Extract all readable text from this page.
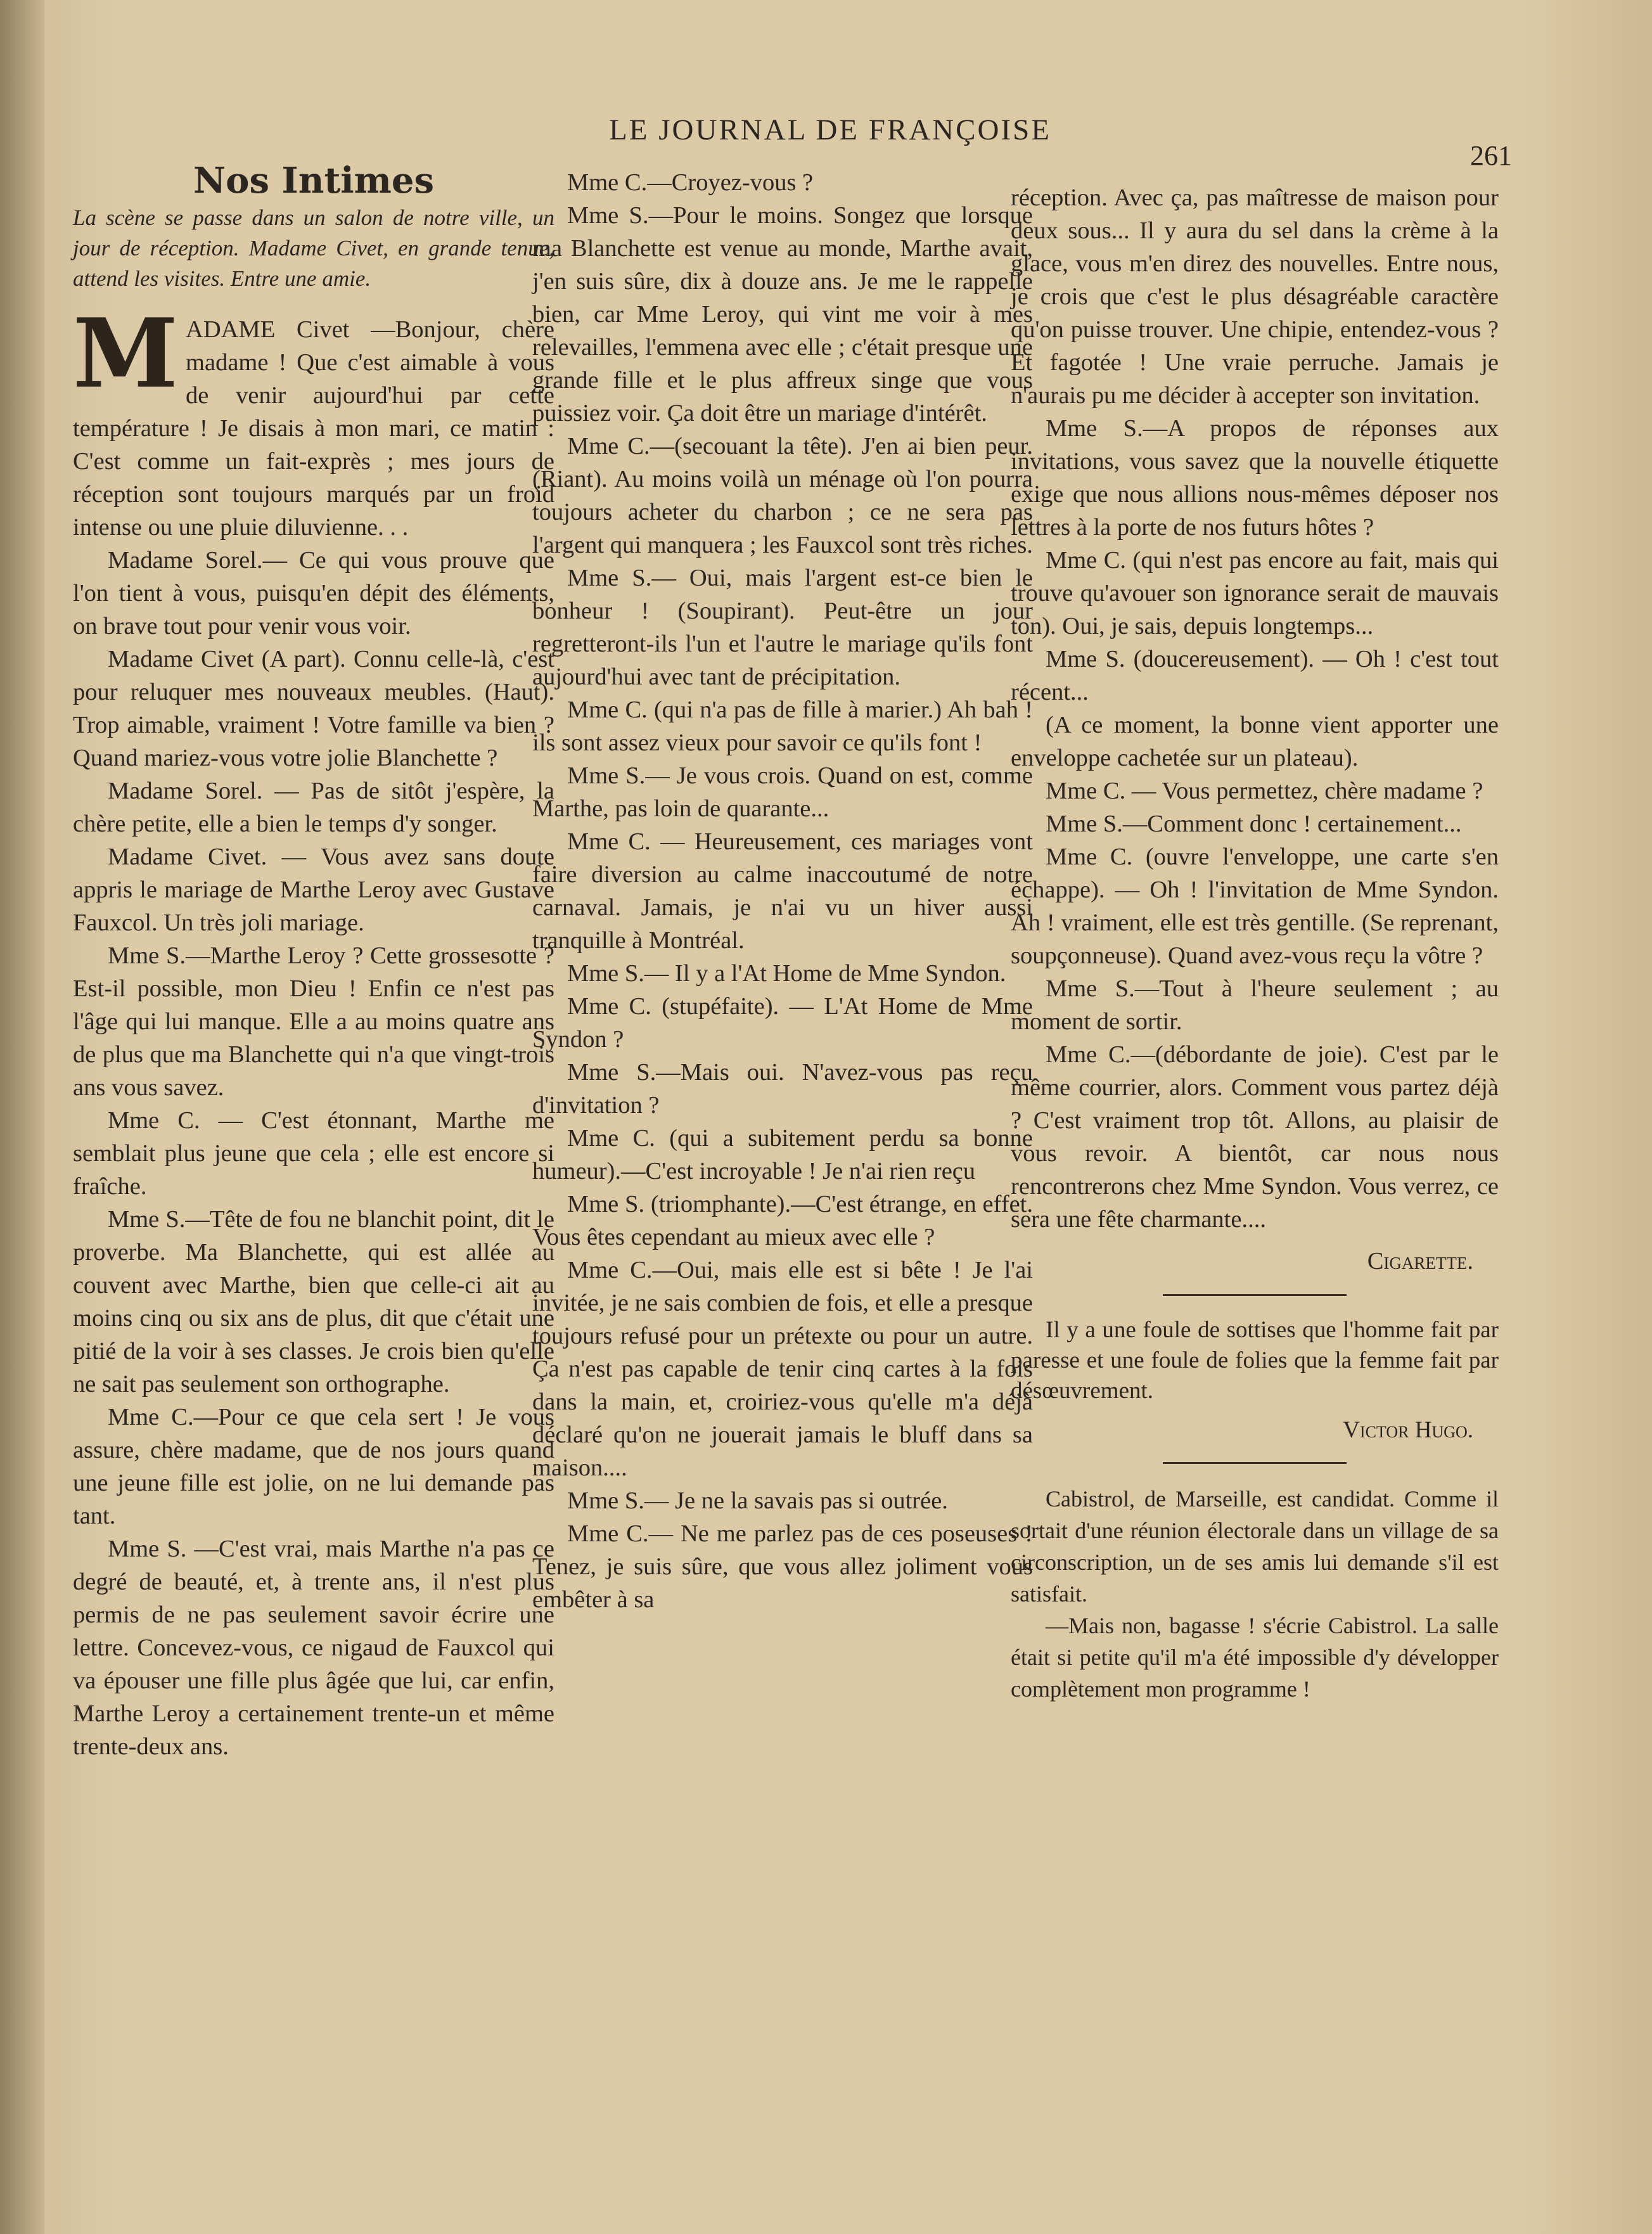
LE JOURNAL DE FRANÇOISE
261

Nos Intimes

La scène se passe dans un salon de notre ville, un jour de réception. Madame Civet, en grande tenue, attend les visites. Entre une amie.

MADAME Civet —Bonjour, chère madame ! Que c'est aimable à vous de venir aujourd'hui par cette température ! Je disais à mon mari, ce matin : C'est comme un fait-exprès ; mes jours de réception sont toujours marqués par un froid intense ou une pluie diluvienne. . .

Madame Sorel.— Ce qui vous prouve que l'on tient à vous, puisqu'en dépit des éléments, on brave tout pour venir vous voir.

Madame Civet (A part). Connu celle-là, c'est pour reluquer mes nouveaux meubles. (Haut). Trop aimable, vraiment ! Votre famille va bien ? Quand mariez-vous votre jolie Blanchette ?

Madame Sorel. — Pas de sitôt j'espère, la chère petite, elle a bien le temps d'y songer.

Madame Civet. — Vous avez sans doute appris le mariage de Marthe Leroy avec Gustave Fauxcol. Un très joli mariage.

Mme S.—Marthe Leroy ? Cette grossesotte ? Est-il possible, mon Dieu ! Enfin ce n'est pas l'âge qui lui manque. Elle a au moins quatre ans de plus que ma Blanchette qui n'a que vingt-trois ans vous savez.

Mme C. — C'est étonnant, Marthe me semblait plus jeune que cela ; elle est encore si fraîche.

Mme S.—Tête de fou ne blanchit point, dit le proverbe. Ma Blanchette, qui est allée au couvent avec Marthe, bien que celle-ci ait au moins cinq ou six ans de plus, dit que c'était une pitié de la voir à ses classes. Je crois bien qu'elle ne sait pas seulement son orthographe.

Mme C.—Pour ce que cela sert ! Je vous assure, chère madame, que de nos jours quand une jeune fille est jolie, on ne lui demande pas tant.

Mme S. —C'est vrai, mais Marthe n'a pas ce degré de beauté, et, à trente ans, il n'est plus permis de ne pas seulement savoir écrire une lettre. Concevez-vous, ce nigaud de Fauxcol qui va épouser une fille plus âgée que lui, car enfin, Marthe Leroy a certainement trente-un et même trente-deux ans.

Mme C.—Croyez-vous ?

Mme S.—Pour le moins. Songez que lorsque ma Blanchette est venue au monde, Marthe avait, j'en suis sûre, dix à douze ans. Je me le rappelle bien, car Mme Leroy, qui vint me voir à mes relevailles, l'emmena avec elle ; c'était presque une grande fille et le plus affreux singe que vous puissiez voir. Ça doit être un mariage d'intérêt.

Mme C.—(secouant la tête). J'en ai bien peur. (Riant). Au moins voilà un ménage où l'on pourra toujours acheter du charbon ; ce ne sera pas l'argent qui manquera ; les Fauxcol sont très riches.

Mme S.— Oui, mais l'argent est-ce bien le bonheur ! (Soupirant). Peut-être un jour regretteront-ils l'un et l'autre le mariage qu'ils font aujourd'hui avec tant de précipitation.

Mme C. (qui n'a pas de fille à marier.) Ah bah ! ils sont assez vieux pour savoir ce qu'ils font !

Mme S.— Je vous crois. Quand on est, comme Marthe, pas loin de quarante...

Mme C. — Heureusement, ces mariages vont faire diversion au calme inaccoutumé de notre carnaval. Jamais, je n'ai vu un hiver aussi tranquille à Montréal.

Mme S.— Il y a l'At Home de Mme Syndon.

Mme C. (stupéfaite). — L'At Home de Mme Syndon ?

Mme S.—Mais oui. N'avez-vous pas reçu d'invitation ?

Mme C. (qui a subitement perdu sa bonne humeur).—C'est incroyable ! Je n'ai rien reçu

Mme S. (triomphante).—C'est étrange, en effet. Vous êtes cependant au mieux avec elle ?

Mme C.—Oui, mais elle est si bête ! Je l'ai invitée, je ne sais combien de fois, et elle a presque toujours refusé pour un prétexte ou pour un autre. Ça n'est pas capable de tenir cinq cartes à la fois dans la main, et, croiriez-vous qu'elle m'a déjà déclaré qu'on ne jouerait jamais le bluff dans sa maison....

Mme S.— Je ne la savais pas si outrée.

Mme C.— Ne me parlez pas de ces poseuses ! Tenez, je suis sûre, que vous allez joliment vous embêter à sa

réception. Avec ça, pas maîtresse de maison pour deux sous... Il y aura du sel dans la crème à la glace, vous m'en direz des nouvelles. Entre nous, je crois que c'est le plus désagréable caractère qu'on puisse trouver. Une chipie, entendez-vous ? Et fagotée ! Une vraie perruche. Jamais je n'aurais pu me décider à accepter son invitation.

Mme S.—A propos de réponses aux invitations, vous savez que la nouvelle étiquette exige que nous allions nous-mêmes déposer nos lettres à la porte de nos futurs hôtes ?

Mme C. (qui n'est pas encore au fait, mais qui trouve qu'avouer son ignorance serait de mauvais ton). Oui, je sais, depuis longtemps...

Mme S. (doucereusement). — Oh ! c'est tout récent...

(A ce moment, la bonne vient apporter une enveloppe cachetée sur un plateau).

Mme C. — Vous permettez, chère madame ?

Mme S.—Comment donc ! certainement...

Mme C. (ouvre l'enveloppe, une carte s'en échappe). — Oh ! l'invitation de Mme Syndon. Ah ! vraiment, elle est très gentille. (Se reprenant, soupçonneuse). Quand avez-vous reçu la vôtre ?

Mme S.—Tout à l'heure seulement ; au moment de sortir.

Mme C.—(débordante de joie). C'est par le même courrier, alors. Comment vous partez déjà ? C'est vraiment trop tôt. Allons, au plaisir de vous revoir. A bientôt, car nous nous rencontrerons chez Mme Syndon. Vous verrez, ce sera une fête charmante....

Cigarette.

Il y a une foule de sottises que l'homme fait par paresse et une foule de folies que la femme fait par désœuvrement.

Victor Hugo.

Cabistrol, de Marseille, est candidat. Comme il sortait d'une réunion électorale dans un village de sa circonscription, un de ses amis lui demande s'il est satisfait.

—Mais non, bagasse ! s'écrie Cabistrol. La salle était si petite qu'il m'a été impossible d'y développer complètement mon programme !
